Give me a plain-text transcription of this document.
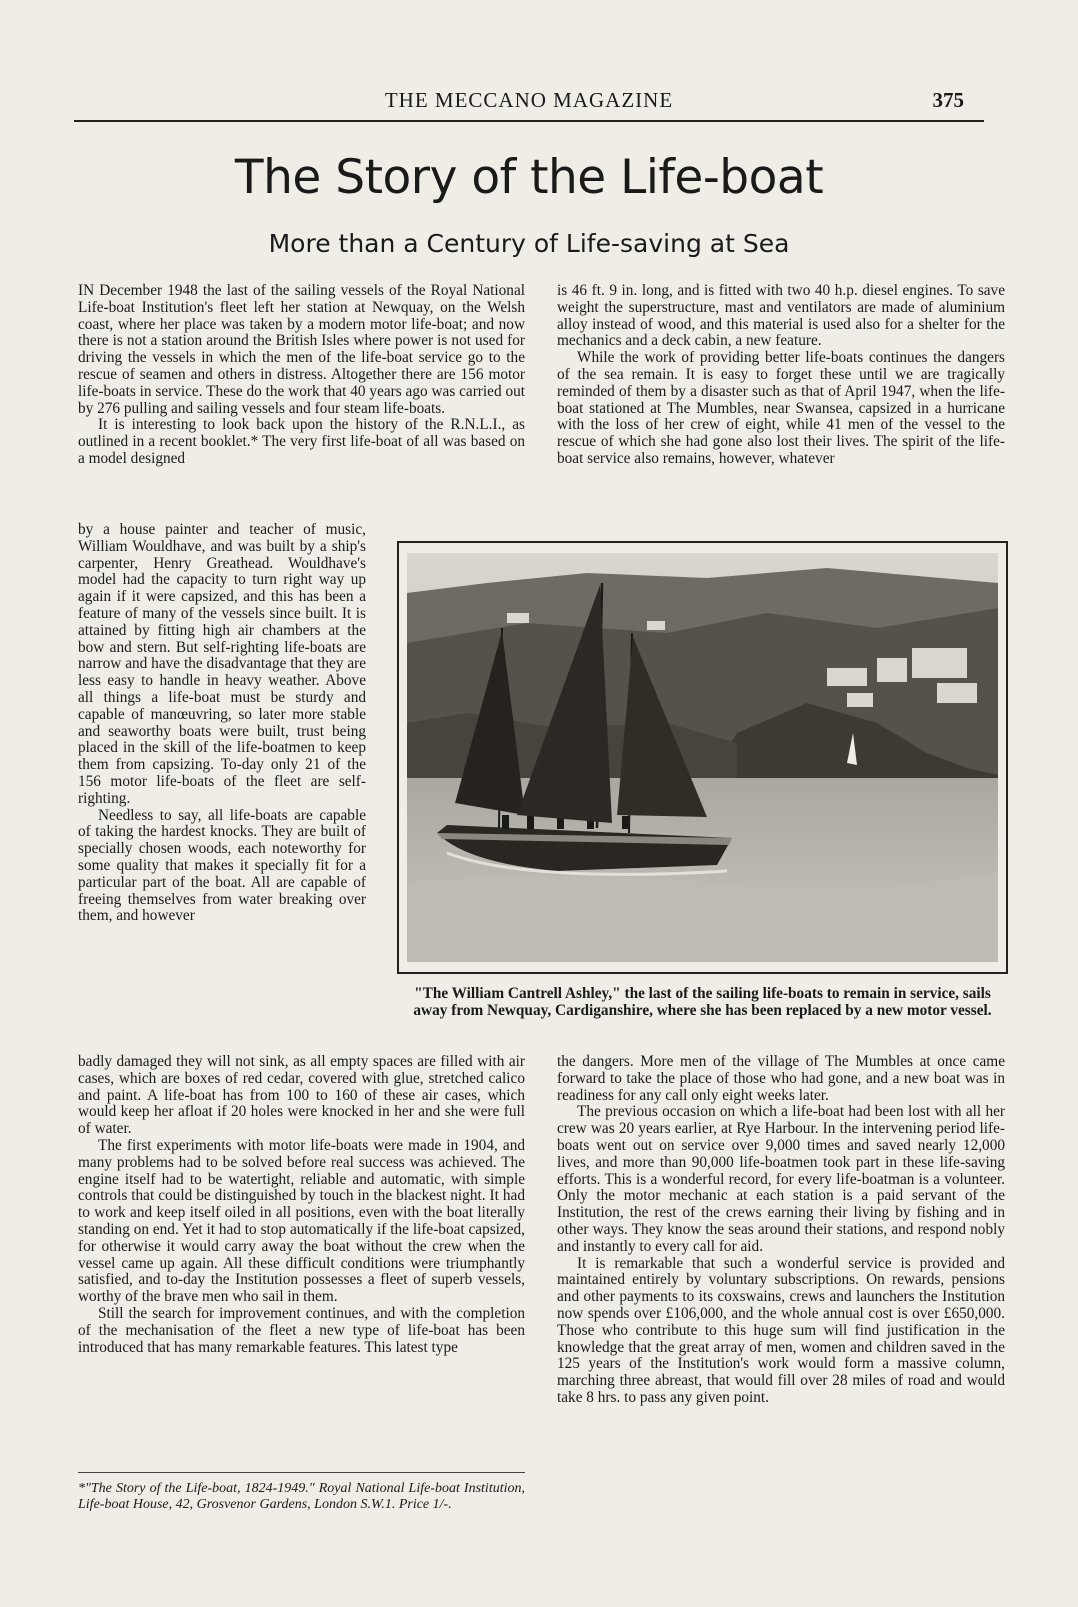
THE MECCANO MAGAZINE	375
The Story of the Life-boat
More than a Century of Life-saving at Sea

IN December 1948 the last of the sailing vessels of the Royal National Life-boat Institution's fleet left her station at Newquay, on the Welsh coast, where her place was taken by a modern motor life-boat; and now there is not a station around the British Isles where power is not used for driving the vessels in which the men of the life-boat service go to the rescue of seamen and others in distress. Altogether there are 156 motor life-boats in service. These do the work that 40 years ago was carried out by 276 pulling and sailing vessels and four steam life-boats.

It is interesting to look back upon the history of the R.N.L.I., as outlined in a recent booklet.* The very first life-boat of all was based on a model designed

by a house painter and teacher of music, William Wouldhave, and was built by a ship's carpenter, Henry Greathead. Wouldhave's model had the capacity to turn right way up again if it were capsized, and this has been a feature of many of the vessels since built. It is attained by fitting high air chambers at the bow and stern. But self-righting life-boats are narrow and have the disadvantage that they are less easy to handle in heavy weather. Above all things a life-boat must be sturdy and capable of manœuvring, so later more stable and seaworthy boats were built, trust being placed in the skill of the life-boatmen to keep them from capsizing. To-day only 21 of the 156 motor life-boats of the fleet are self-righting.

Needless to say, all life-boats are capable of taking the hardest knocks. They are built of specially chosen woods, each noteworthy for some quality that makes it specially fit for a particular part of the boat. All are capable of freeing themselves from water breaking over them, and however

badly damaged they will not sink, as all empty spaces are filled with air cases, which are boxes of red cedar, covered with glue, stretched calico and paint. A life-boat has from 100 to 160 of these air cases, which would keep her afloat if 20 holes were knocked in her and she were full of water.

The first experiments with motor life-boats were made in 1904, and many problems had to be solved before real success was achieved. The engine itself had to be watertight, reliable and automatic, with simple controls that could be distinguished by touch in the blackest night. It had to work and keep itself oiled in all positions, even with the boat literally standing on end. Yet it had to stop automatically if the life-boat capsized, for otherwise it would carry away the boat without the crew when the vessel came up again. All these difficult conditions were triumphantly satisfied, and to-day the Institution possesses a fleet of superb vessels, worthy of the brave men who sail in them.

Still the search for improvement continues, and with the completion of the mechanisation of the fleet a new type of life-boat has been introduced that has many remarkable features. This latest type

*"The Story of the Life-boat, 1824-1949." Royal National Life-boat Institution, Life-boat House, 42, Grosvenor Gardens, London S.W.1. Price 1/-.

is 46 ft. 9 in. long, and is fitted with two 40 h.p. diesel engines. To save weight the superstructure, mast and ventilators are made of aluminium alloy instead of wood, and this material is used also for a shelter for the mechanics and a deck cabin, a new feature.

While the work of providing better life-boats continues the dangers of the sea remain. It is easy to forget these until we are tragically reminded of them by a disaster such as that of April 1947, when the life-boat stationed at The Mumbles, near Swansea, capsized in a hurricane with the loss of her crew of eight, while 41 men of the vessel to the rescue of which she had gone also lost their lives. The spirit of the life-boat service also remains, however, whatever

"The William Cantrell Ashley," the last of the sailing life-boats to remain in service, sails away from Newquay, Cardiganshire, where she has been replaced by a new motor vessel.

the dangers. More men of the village of The Mumbles at once came forward to take the place of those who had gone, and a new boat was in readiness for any call only eight weeks later.

The previous occasion on which a life-boat had been lost with all her crew was 20 years earlier, at Rye Harbour. In the intervening period life-boats went out on service over 9,000 times and saved nearly 12,000 lives, and more than 90,000 life-boatmen took part in these life-saving efforts. This is a wonderful record, for every life-boatman is a volunteer. Only the motor mechanic at each station is a paid servant of the Institution, the rest of the crews earning their living by fishing and in other ways. They know the seas around their stations, and respond nobly and instantly to every call for aid.

It is remarkable that such a wonderful service is provided and maintained entirely by voluntary subscriptions. On rewards, pensions and other payments to its coxswains, crews and launchers the Institution now spends over £106,000, and the whole annual cost is over £650,000. Those who contribute to this huge sum will find justification in the knowledge that the great array of men, women and children saved in the 125 years of the Institution's work would form a massive column, marching three abreast, that would fill over 28 miles of road and would take 8 hrs. to pass any given point.
